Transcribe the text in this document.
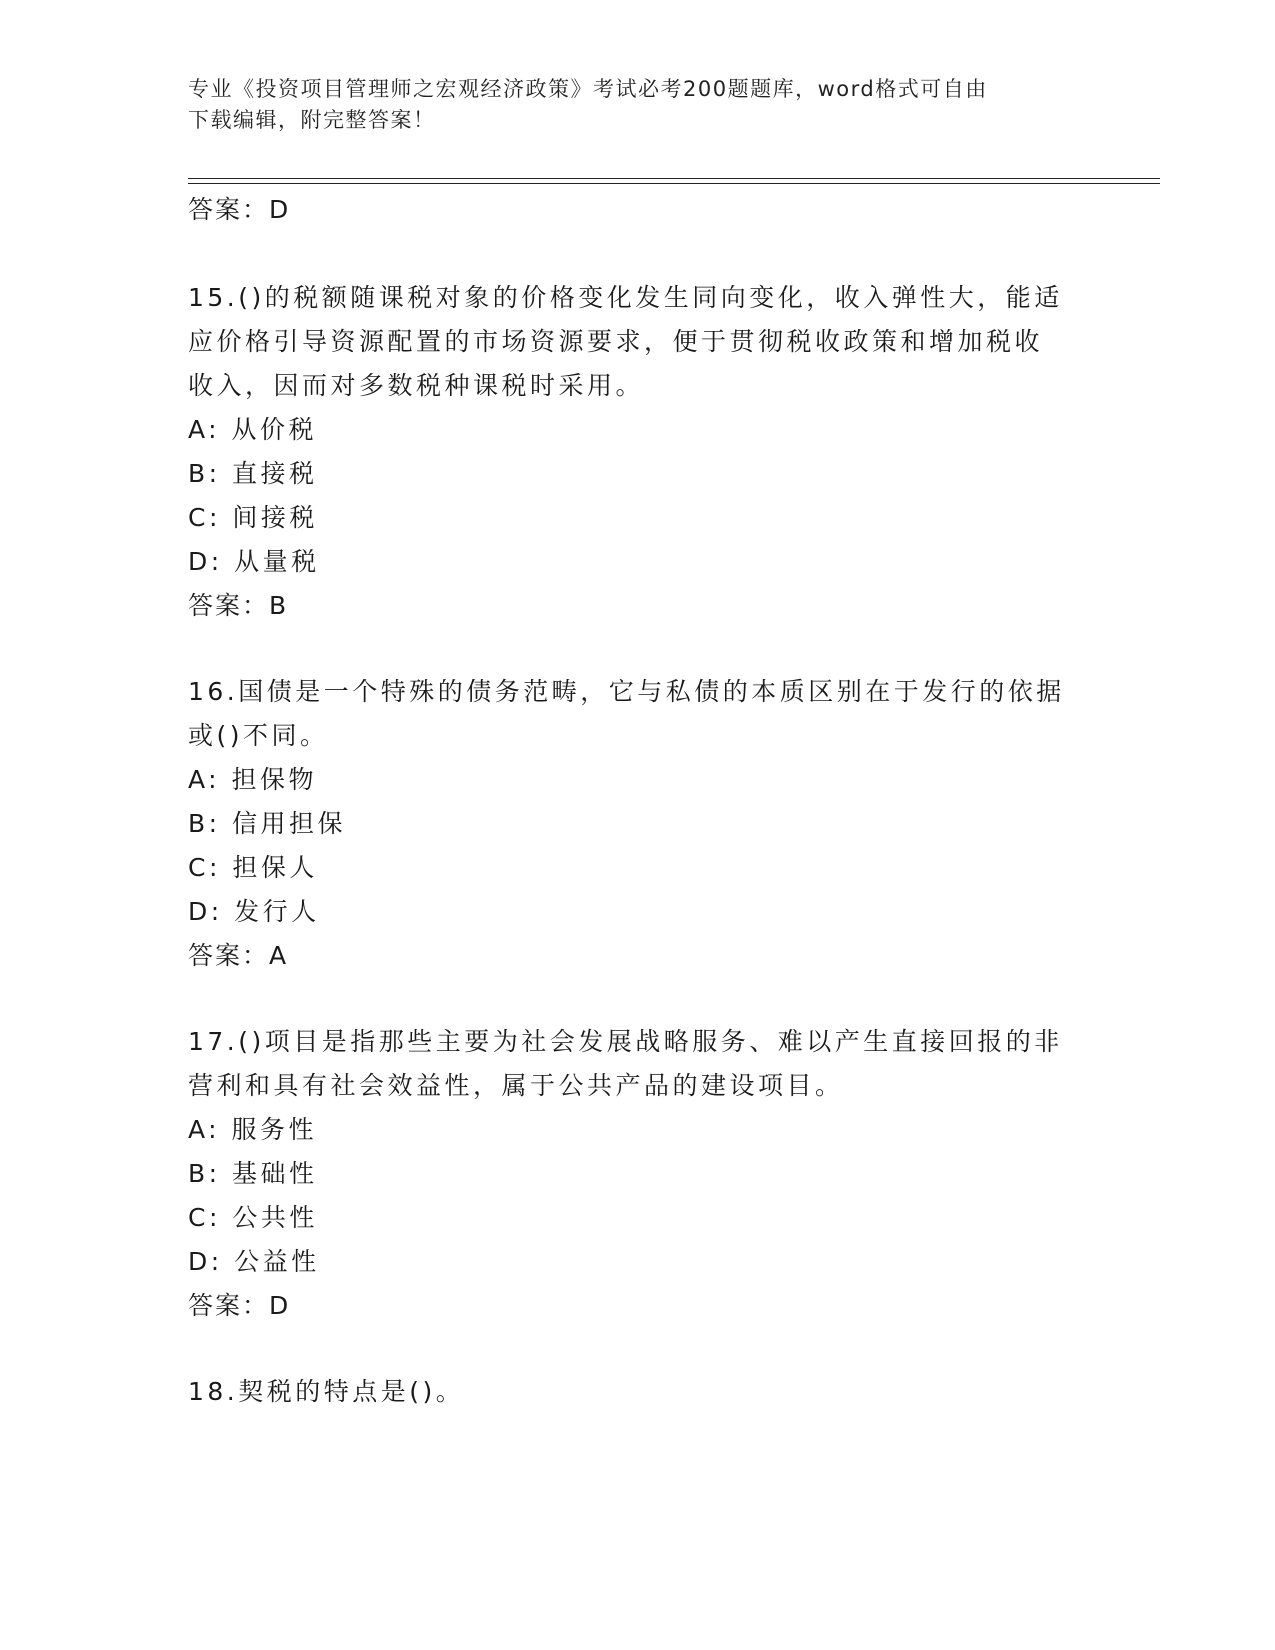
专业《投资项目管理师之宏观经济政策》考试必考200题题库，word格式可自由
下载编辑，附完整答案！
答案：D
15.()的税额随课税对象的价格变化发生同向变化，收入弹性大，能适
应价格引导资源配置的市场资源要求，便于贯彻税收政策和增加税收
收入，因而对多数税种课税时采用。
A: 从价税
B: 直接税
C: 间接税
D: 从量税
答案：B
16.国债是一个特殊的债务范畴，它与私债的本质区别在于发行的依据
或()不同。
A: 担保物
B: 信用担保
C: 担保人
D: 发行人
答案：A
17.()项目是指那些主要为社会发展战略服务、难以产生直接回报的非
营利和具有社会效益性，属于公共产品的建设项目。
A: 服务性
B: 基础性
C: 公共性
D: 公益性
答案：D
18.契税的特点是()。
